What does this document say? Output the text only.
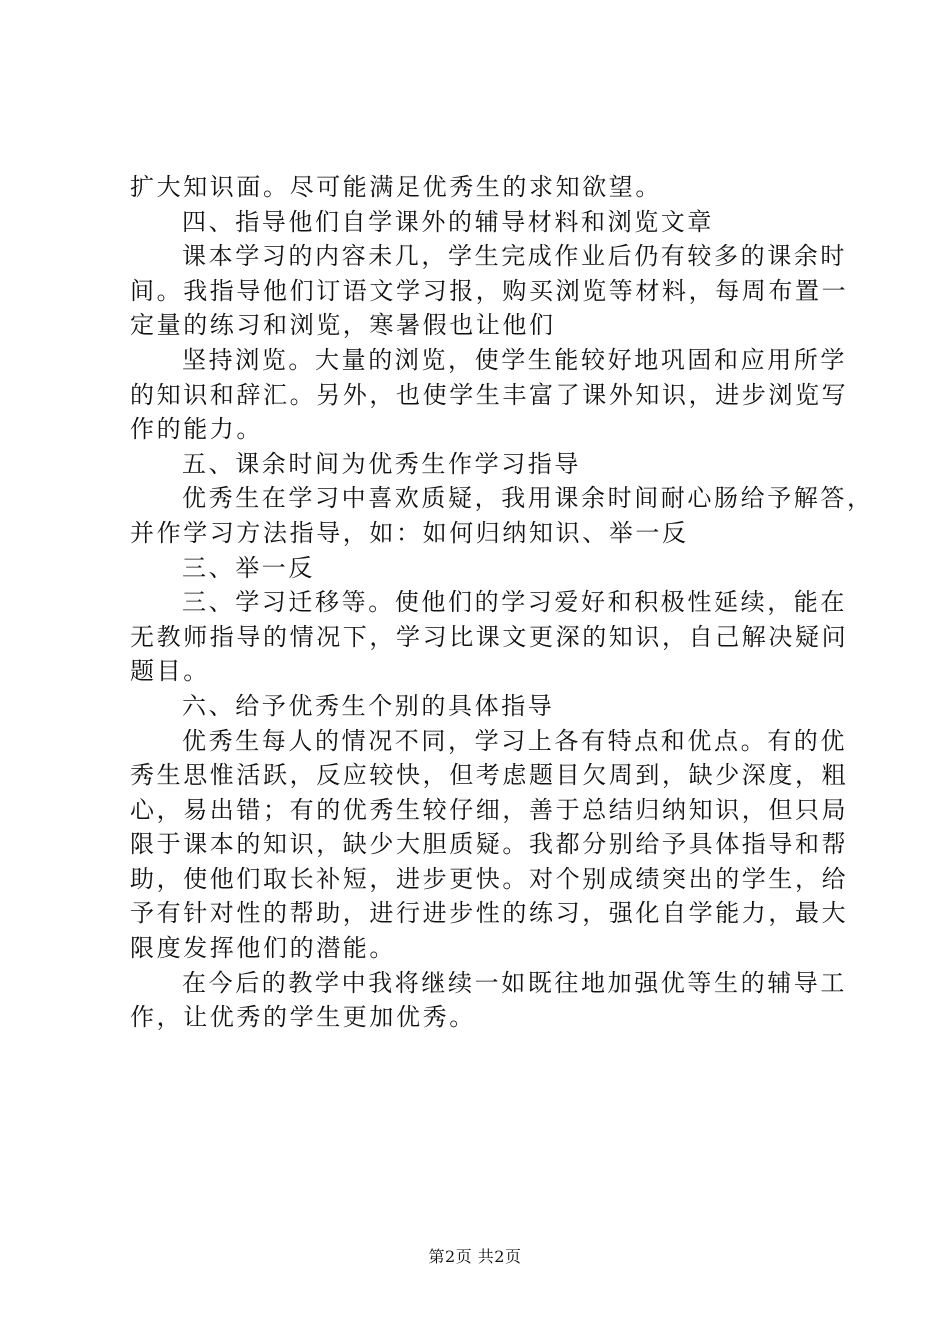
扩大知识面。尽可能满足优秀生的求知欲望。
四、指导他们自学课外的辅导材料和浏览文章
课本学习的内容未几，学生完成作业后仍有较多的课余时
间。我指导他们订语文学习报，购买浏览等材料，每周布置一
定量的练习和浏览，寒暑假也让他们
坚持浏览。大量的浏览，使学生能较好地巩固和应用所学
的知识和辞汇。另外，也使学生丰富了课外知识，进步浏览写
作的能力。
五、课余时间为优秀生作学习指导
优秀生在学习中喜欢质疑，我用课余时间耐心肠给予解答，
并作学习方法指导，如：如何归纳知识、举一反
三、举一反
三、学习迁移等。使他们的学习爱好和积极性延续，能在
无教师指导的情况下，学习比课文更深的知识，自己解决疑问
题目。
六、给予优秀生个别的具体指导
优秀生每人的情况不同，学习上各有特点和优点。有的优
秀生思惟活跃，反应较快，但考虑题目欠周到，缺少深度，粗
心，易出错；有的优秀生较仔细，善于总结归纳知识，但只局
限于课本的知识，缺少大胆质疑。我都分别给予具体指导和帮
助，使他们取长补短，进步更快。对个别成绩突出的学生，给
予有针对性的帮助，进行进步性的练习，强化自学能力，最大
限度发挥他们的潜能。
在今后的教学中我将继续一如既往地加强优等生的辅导工
作，让优秀的学生更加优秀。
第2页 共2页
